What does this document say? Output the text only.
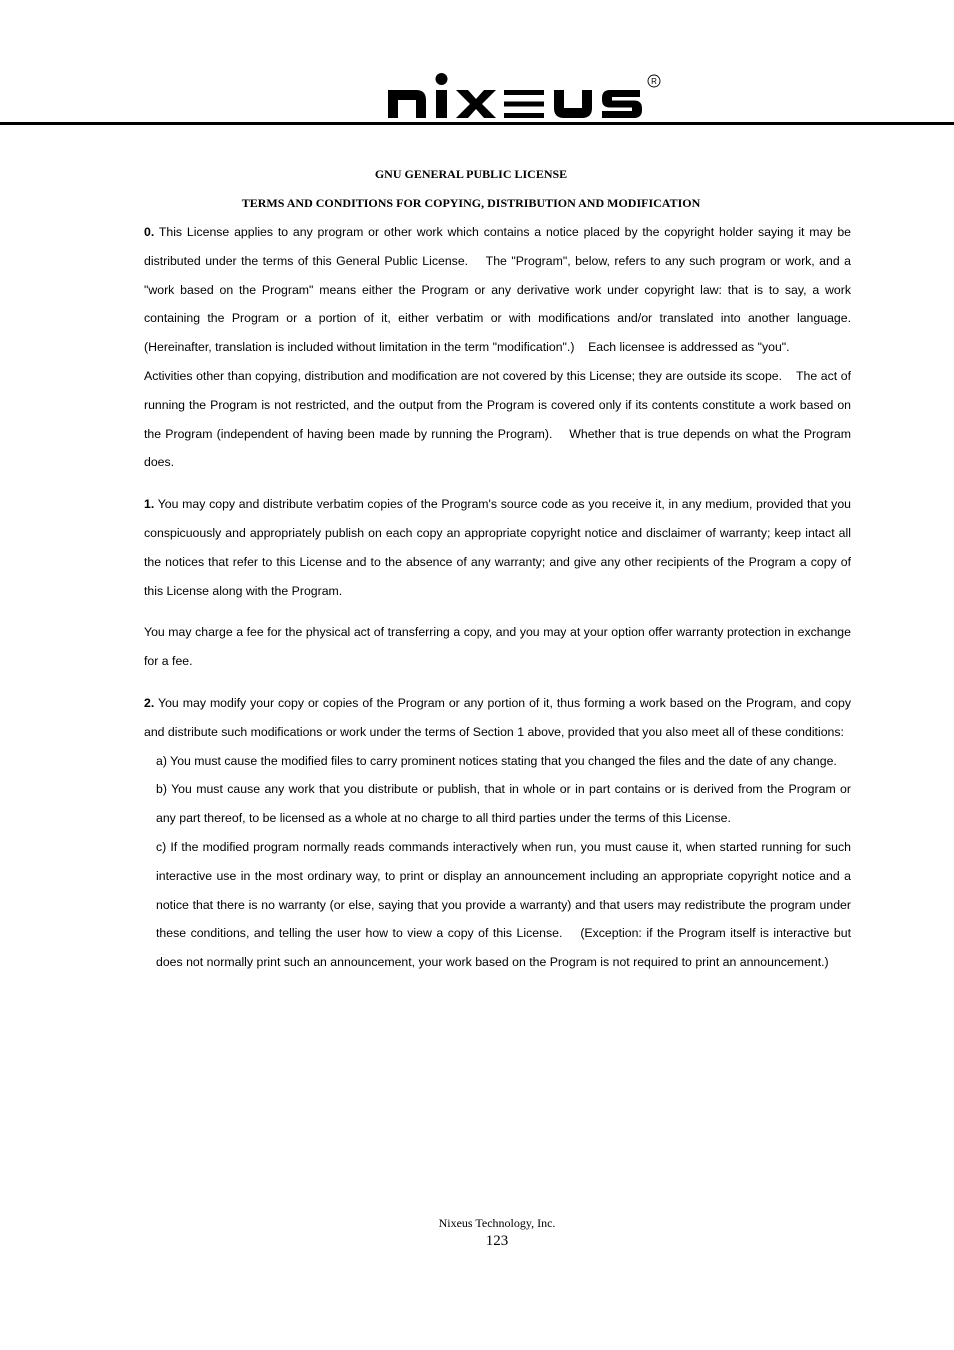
R
GNU GENERAL PUBLIC LICENSE
TERMS AND CONDITIONS FOR COPYING, DISTRIBUTION AND MODIFICATION

0. This License applies to any program or other work which contains a notice placed by the copyright holder saying it may be distributed under the terms of this General Public License.    The "Program", below, refers to any such program or work, and a "work based on the Program" means either the Program or any derivative work under copyright law: that is to say, a work containing the Program or a portion of it, either verbatim or with modifications and/or translated into another language. (Hereinafter, translation is included without limitation in the term "modification".)    Each licensee is addressed as "you".

Activities other than copying, distribution and modification are not covered by this License; they are outside its scope.    The act of running the Program is not restricted, and the output from the Program is covered only if its contents constitute a work based on the Program (independent of having been made by running the Program).    Whether that is true depends on what the Program does.

1. You may copy and distribute verbatim copies of the Program's source code as you receive it, in any medium, provided that you conspicuously and appropriately publish on each copy an appropriate copyright notice and disclaimer of warranty; keep intact all the notices that refer to this License and to the absence of any warranty; and give any other recipients of the Program a copy of this License along with the Program.

You may charge a fee for the physical act of transferring a copy, and you may at your option offer warranty protection in exchange for a fee.

2. You may modify your copy or copies of the Program or any portion of it, thus forming a work based on the Program, and copy and distribute such modifications or work under the terms of Section 1 above, provided that you also meet all of these conditions:

a) You must cause the modified files to carry prominent notices stating that you changed the files and the date of any change.

b) You must cause any work that you distribute or publish, that in whole or in part contains or is derived from the Program or any part thereof, to be licensed as a whole at no charge to all third parties under the terms of this License.

c) If the modified program normally reads commands interactively when run, you must cause it, when started running for such interactive use in the most ordinary way, to print or display an announcement including an appropriate copyright notice and a notice that there is no warranty (or else, saying that you provide a warranty) and that users may redistribute the program under these conditions, and telling the user how to view a copy of this License.    (Exception: if the Program itself is interactive but does not normally print such an announcement, your work based on the Program is not required to print an announcement.)

Nixeus Technology, Inc.
123
